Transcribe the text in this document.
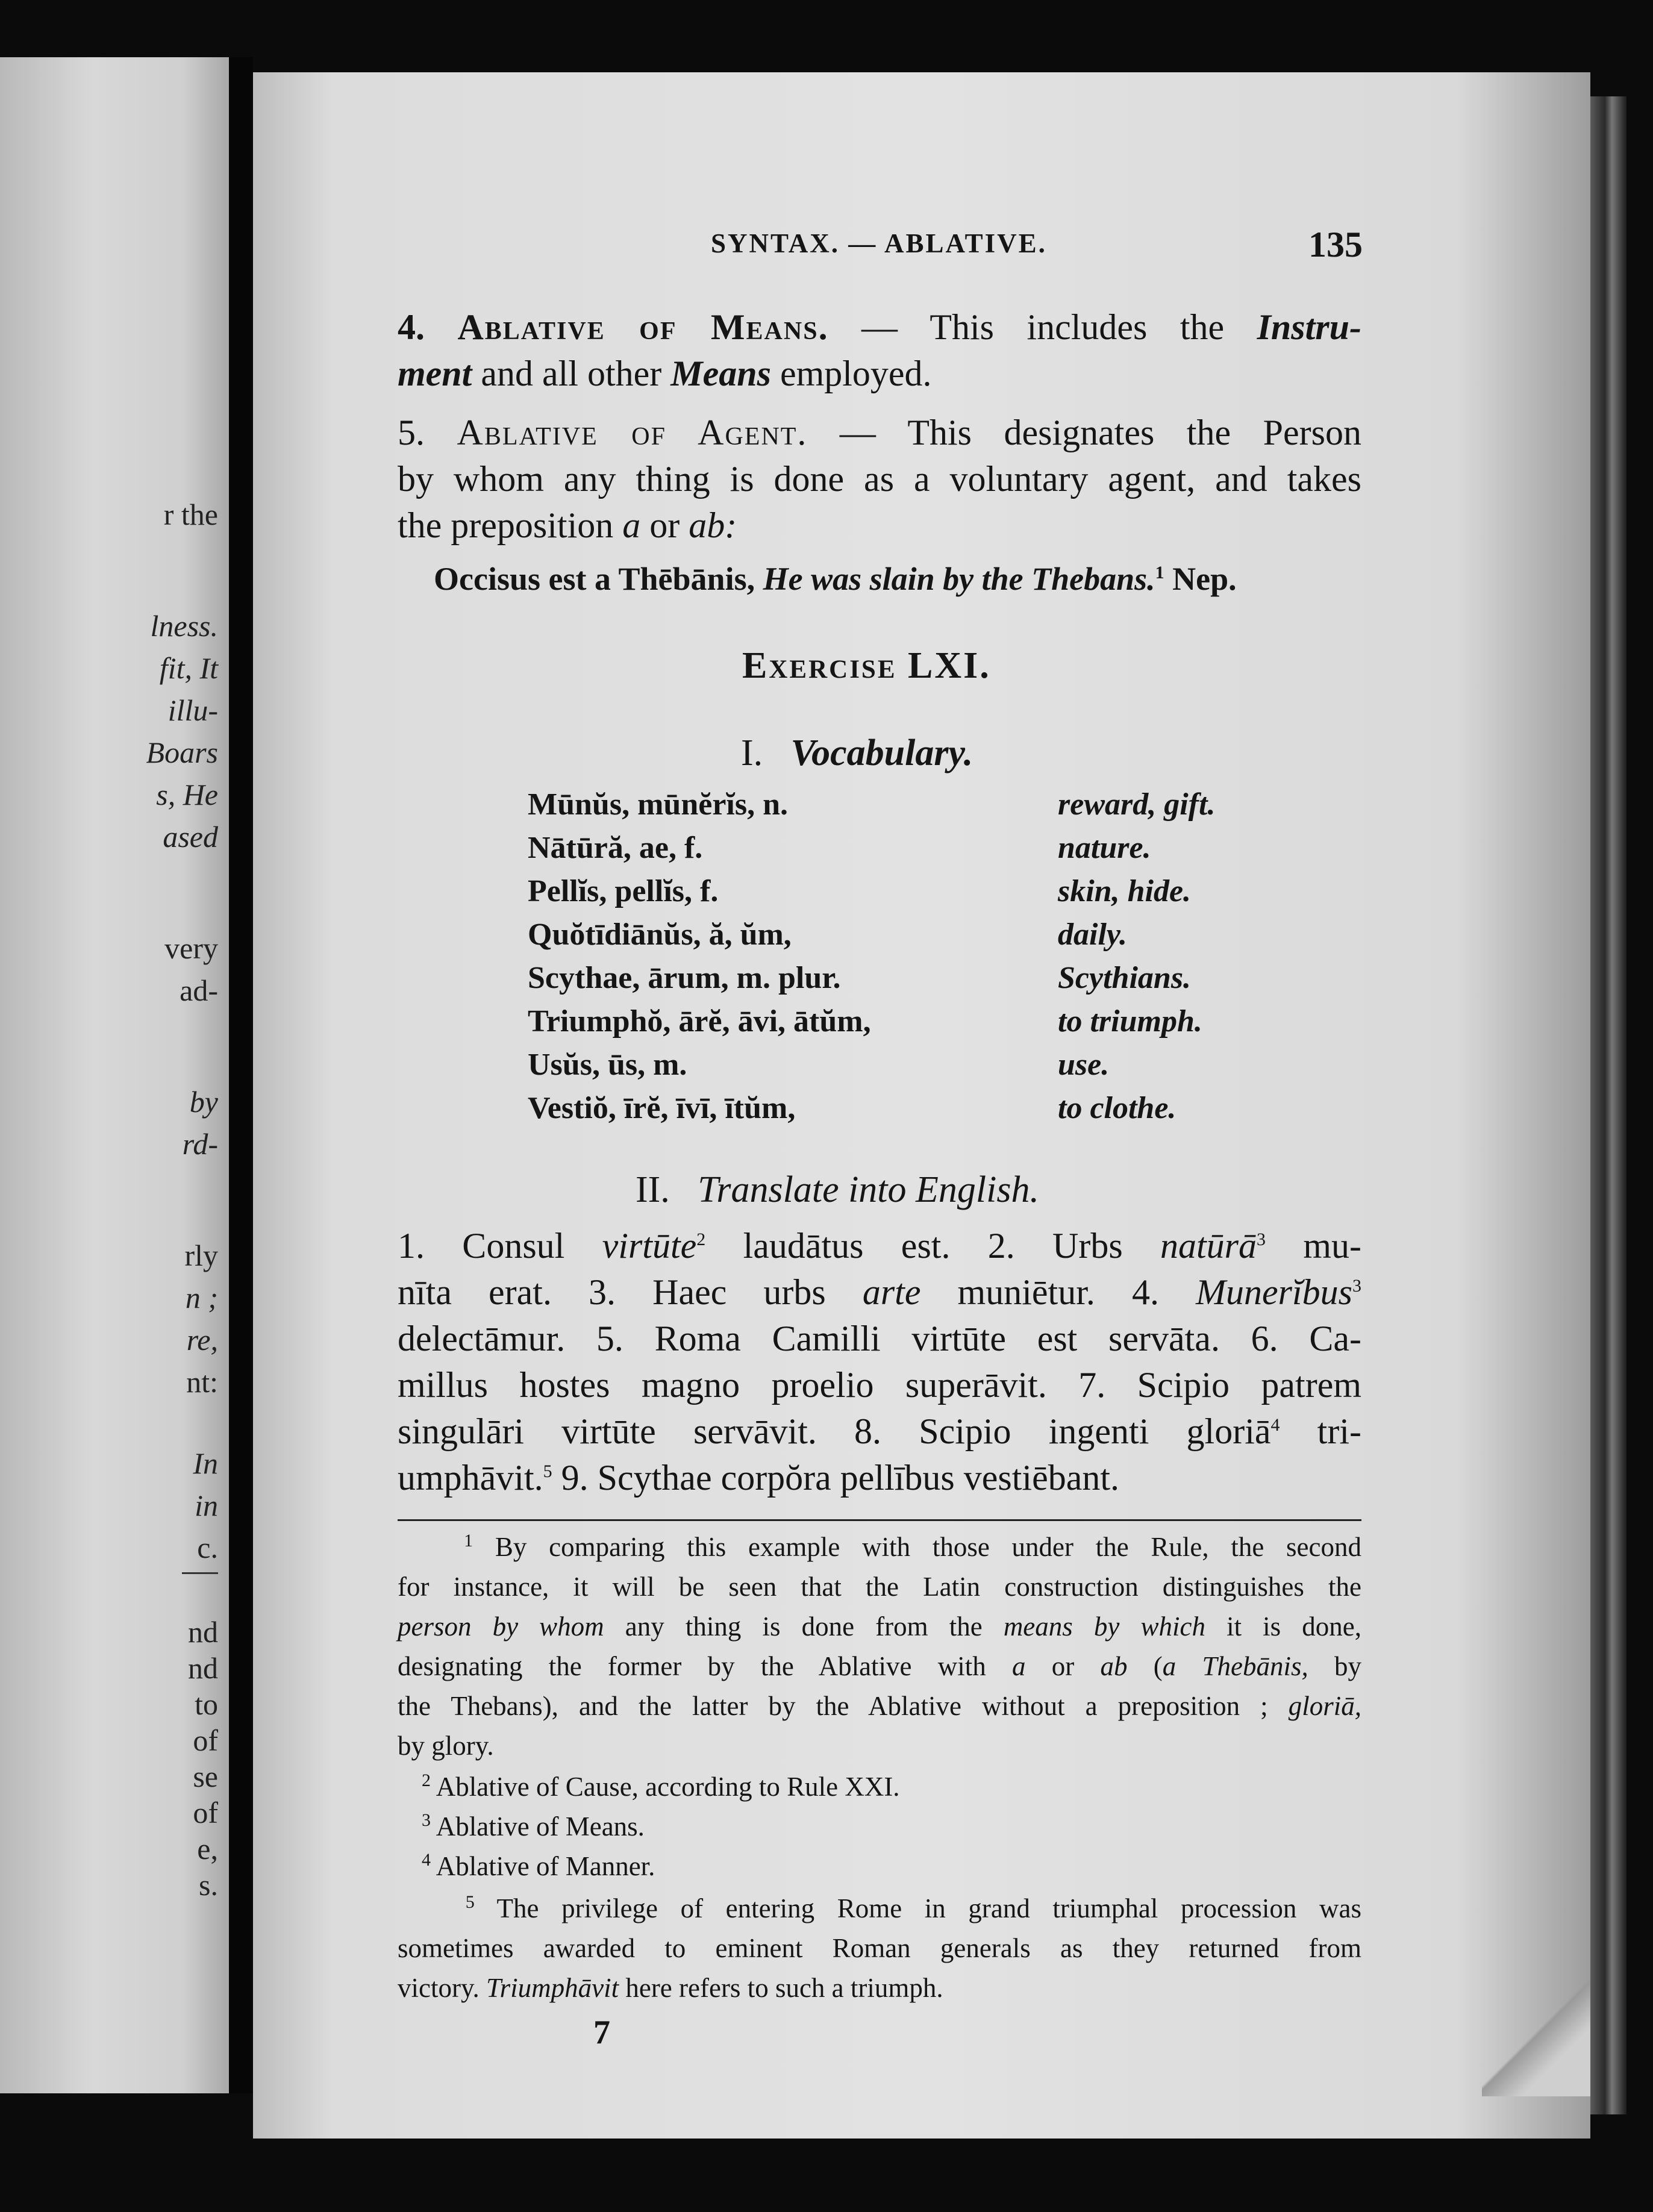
r the
lness.
fit, It
illu-
Boars
s, He
ased
very
ad-
by
rd-
rly
n ;
re,
nt:
In
in
c.
nd
nd
to
of
se
of
e,
s.
SYNTAX. — ABLATIVE.	135
4. Ablative of Means. — This includes the Instru-
ment and all other Means employed.
5. Ablative of Agent. — This designates the Person
by whom any thing is done as a voluntary agent, and takes
the preposition a or ab:
Occisus est a Thēbānis, He was slain by the Thebans.$^1$ Nep.
Exercise LXI.
I. Vocabulary.
Mūnŭs, mūnĕrĭs, n.	reward, gift.
Nātūră, ae, f.	nature.
Pellĭs, pellĭs, f.	skin, hide.
Quŏtīdiānŭs, ă, ŭm,	daily.
Scythae, ārum, m. plur.	Scythians.
Triumphŏ, ārĕ, āvi, ātŭm,	to triumph.
Usŭs, ūs, m.	use.
Vestiŏ, īrĕ, īvī, ītŭm,	to clothe.
II. Translate into English.
1. Consul virtūte$^2$ laudātus est. 2. Urbs natūrā$^3$ mu-
nīta erat. 3. Haec urbs arte muniētur. 4. Munerĭbus$^3$
delectāmur. 5. Roma Camilli virtūte est servāta. 6. Ca-
millus hostes magno proelio superāvit. 7. Scipio patrem
singulāri virtūte servāvit. 8. Scipio ingenti gloriā$^4$ tri-
umphāvit.$^5$ 9. Scythae corpŏra pellībus vestiēbant.
$^1$ By comparing this example with those under the Rule, the second
for instance, it will be seen that the Latin construction distinguishes the
person by whom any thing is done from the means by which it is done,
designating the former by the Ablative with a or ab (a Thebānis, by
the Thebans), and the latter by the Ablative without a preposition ; gloriā,
by glory.
$^2$ Ablative of Cause, according to Rule XXI.
$^3$ Ablative of Means.
$^4$ Ablative of Manner.
$^5$ The privilege of entering Rome in grand triumphal procession was
sometimes awarded to eminent Roman generals as they returned from
victory. Triumphāvit here refers to such a triumph.
7
